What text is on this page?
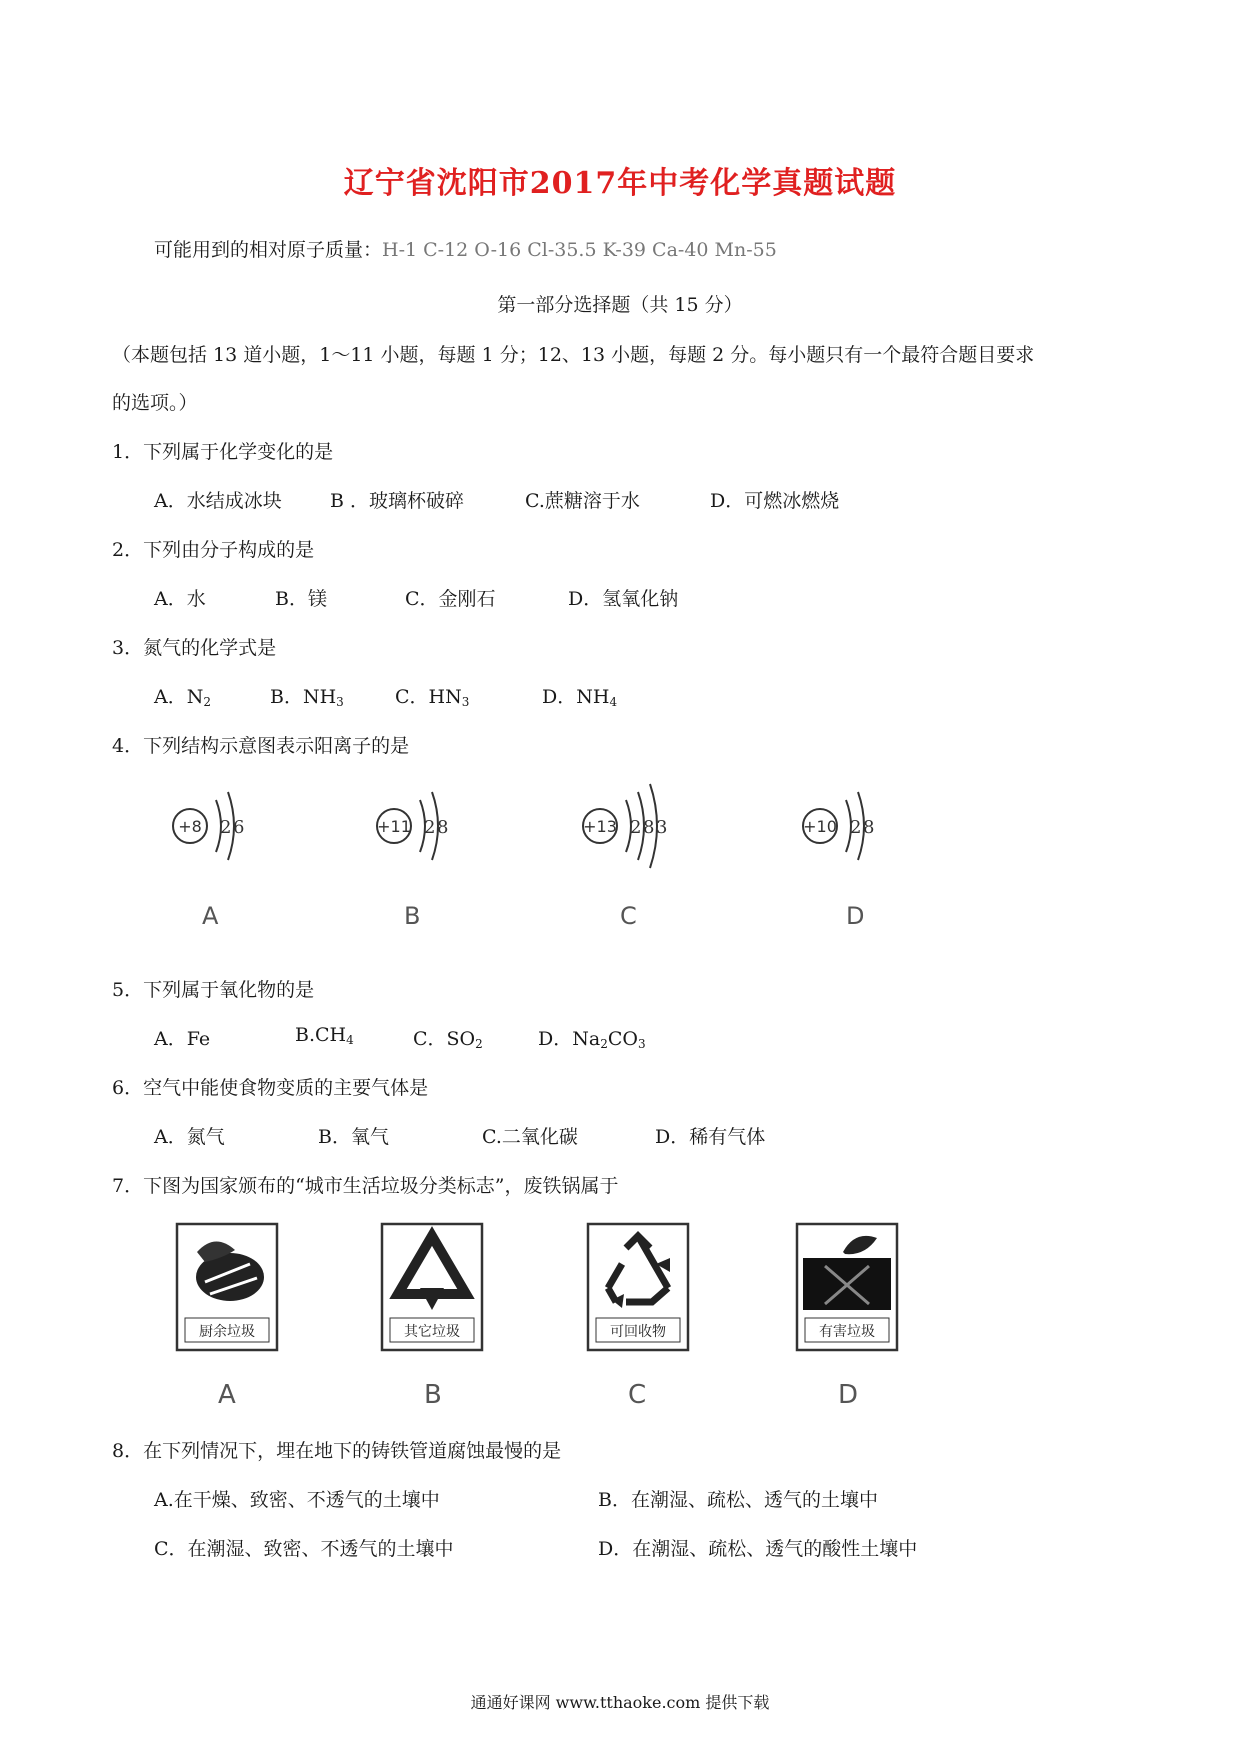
辽宁省沈阳市2017年中考化学真题试题
可能用到的相对原子质量：H-1 C-12 O-16 Cl-35.5 K-39 Ca-40 Mn-55
第一部分选择题（共 15 分）
（本题包括 13 道小题，1～11 小题，每题 1 分；12、13 小题，每题 2 分。每小题只有一个最符合题目要求
的选项。）
1．下列属于化学变化的是
A．水结成冰块	B ．玻璃杯破碎	C.蔗糖溶于水	D．可燃冰燃烧
2．下列由分子构成的是
A．水	B．镁	C．金刚石	D．氢氧化钠
3．氮气的化学式是
A．$N_2$	B．$NH_3$	C．$HN_3$	D．$NH_4$
4．下列结构示意图表示阳离子的是
+8 2 6
A
+11 2 8
B
+13 2 8 3
C
+10 2 8
D
5．下列属于氧化物的是
A．Fe	$B.CH_4$	C．$SO_2$	D．$Na_2CO_3$
6．空气中能使食物变质的主要气体是
A．氮气	B．氧气	C.二氧化碳	D．稀有气体
7．下图为国家颁布的“城市生活垃圾分类标志”，废铁锅属于
厨余垃圾
A
其它垃圾
B
可回收物
C
有害垃圾
D
8．在下列情况下，埋在地下的铸铁管道腐蚀最慢的是
A.在干燥、致密、不透气的土壤中	B．在潮湿、疏松、透气的土壤中
C．在潮湿、致密、不透气的土壤中	D．在潮湿、疏松、透气的酸性土壤中
通通好课网 www.tthaoke.com 提供下载
